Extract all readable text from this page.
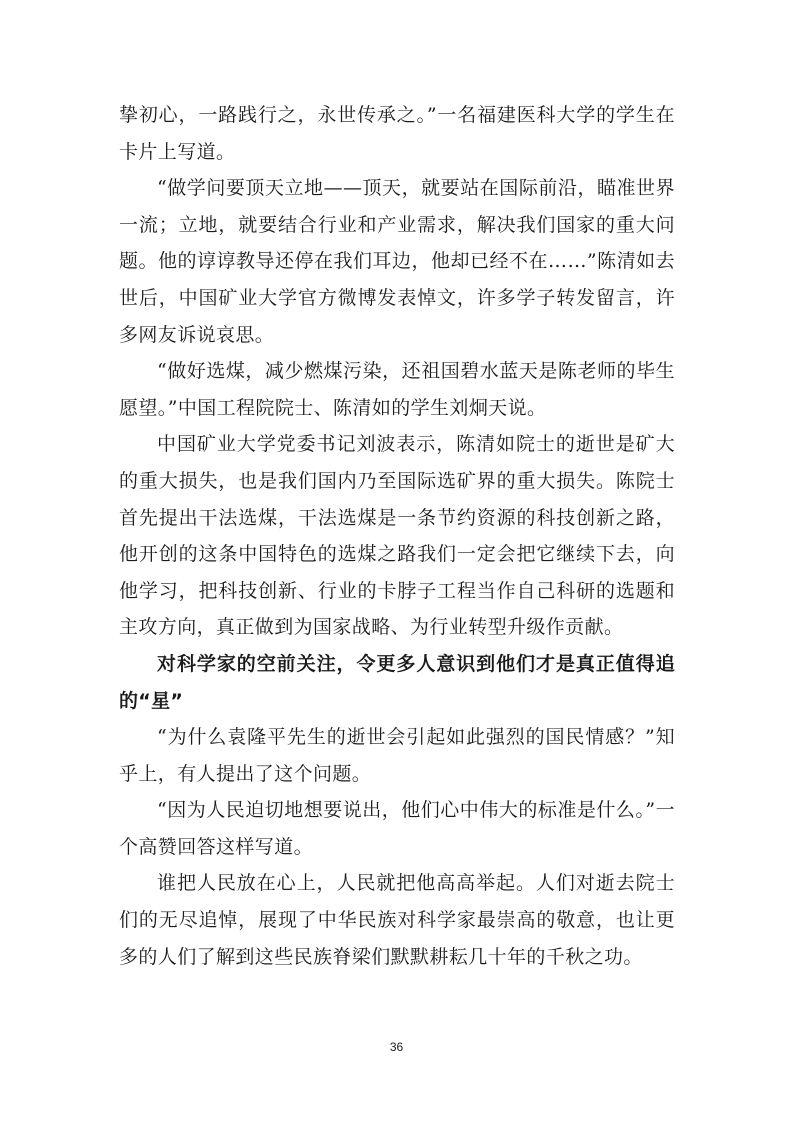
挚初心，一路践行之，永世传承之。”一名福建医科大学的学生在卡片上写道。

“做学问要顶天立地——顶天，就要站在国际前沿，瞄准世界一流；立地，就要结合行业和产业需求，解决我们国家的重大问题。他的谆谆教导还停在我们耳边，他却已经不在……”陈清如去世后，中国矿业大学官方微博发表悼文，许多学子转发留言，许多网友诉说哀思。

“做好选煤，减少燃煤污染，还祖国碧水蓝天是陈老师的毕生愿望。”中国工程院院士、陈清如的学生刘炯天说。

中国矿业大学党委书记刘波表示，陈清如院士的逝世是矿大的重大损失，也是我们国内乃至国际选矿界的重大损失。陈院士首先提出干法选煤，干法选煤是一条节约资源的科技创新之路，他开创的这条中国特色的选煤之路我们一定会把它继续下去，向他学习，把科技创新、行业的卡脖子工程当作自己科研的选题和主攻方向，真正做到为国家战略、为行业转型升级作贡献。

对科学家的空前关注，令更多人意识到他们才是真正值得追的“星”

“为什么袁隆平先生的逝世会引起如此强烈的国民情感？”知乎上，有人提出了这个问题。

“因为人民迫切地想要说出，他们心中伟大的标准是什么。”一个高赞回答这样写道。

谁把人民放在心上，人民就把他高高举起。人们对逝去院士们的无尽追悼，展现了中华民族对科学家最崇高的敬意，也让更多的人们了解到这些民族脊梁们默默耕耘几十年的千秋之功。

36
